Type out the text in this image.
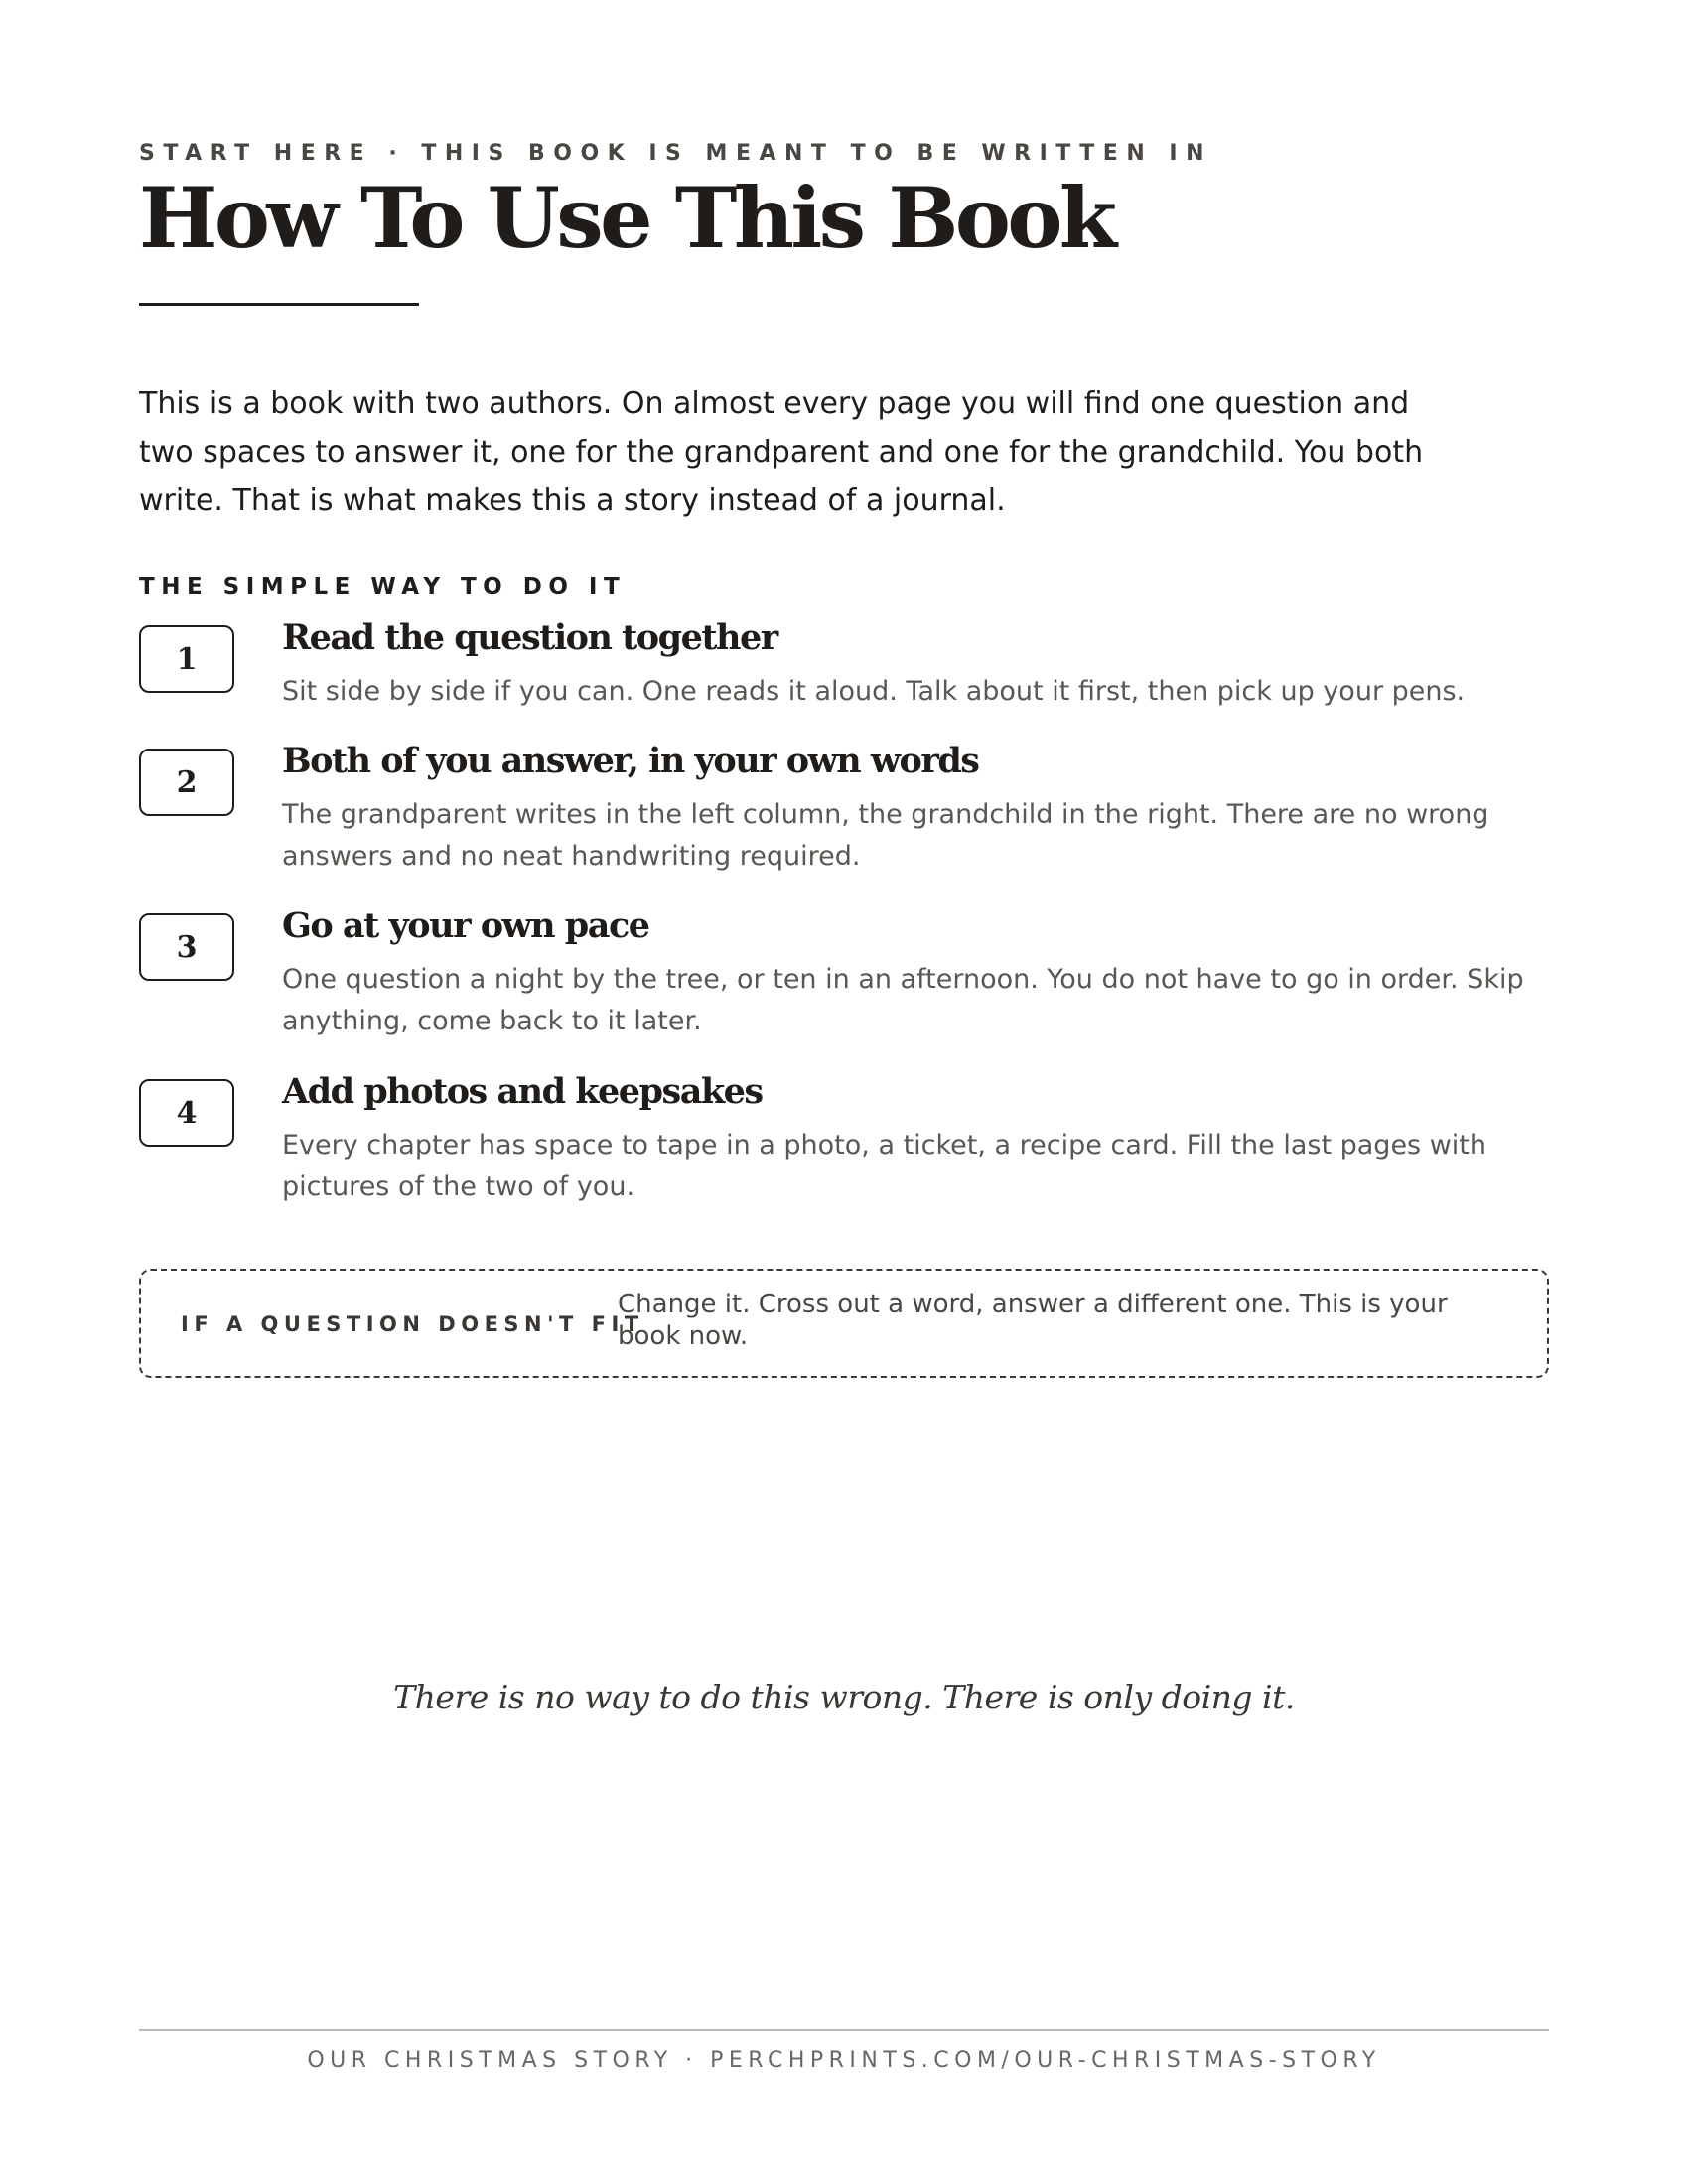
START HERE · THIS BOOK IS MEANT TO BE WRITTEN IN
How To Use This Book

This is a book with two authors. On almost every page you will find one question and two spaces to answer it, one for the grandparent and one for the grandchild. You both write. That is what makes this a story instead of a journal.

THE SIMPLE WAY TO DO IT
1
Read the question together
Sit side by side if you can. One reads it aloud. Talk about it first, then pick up your pens.
2
Both of you answer, in your own words
The grandparent writes in the left column, the grandchild in the right. There are no wrong answers and no neat handwriting required.
3
Go at your own pace
One question a night by the tree, or ten in an afternoon. You do not have to go in order. Skip anything, come back to it later.
4
Add photos and keepsakes
Every chapter has space to tape in a photo, a ticket, a recipe card. Fill the last pages with pictures of the two of you.
IF A QUESTION DOESN'T FIT
Change it. Cross out a word, answer a different one. This is your book now.
There is no way to do this wrong. There is only doing it.
OUR CHRISTMAS STORY · PERCHPRINTS.COM/OUR-CHRISTMAS-STORY
